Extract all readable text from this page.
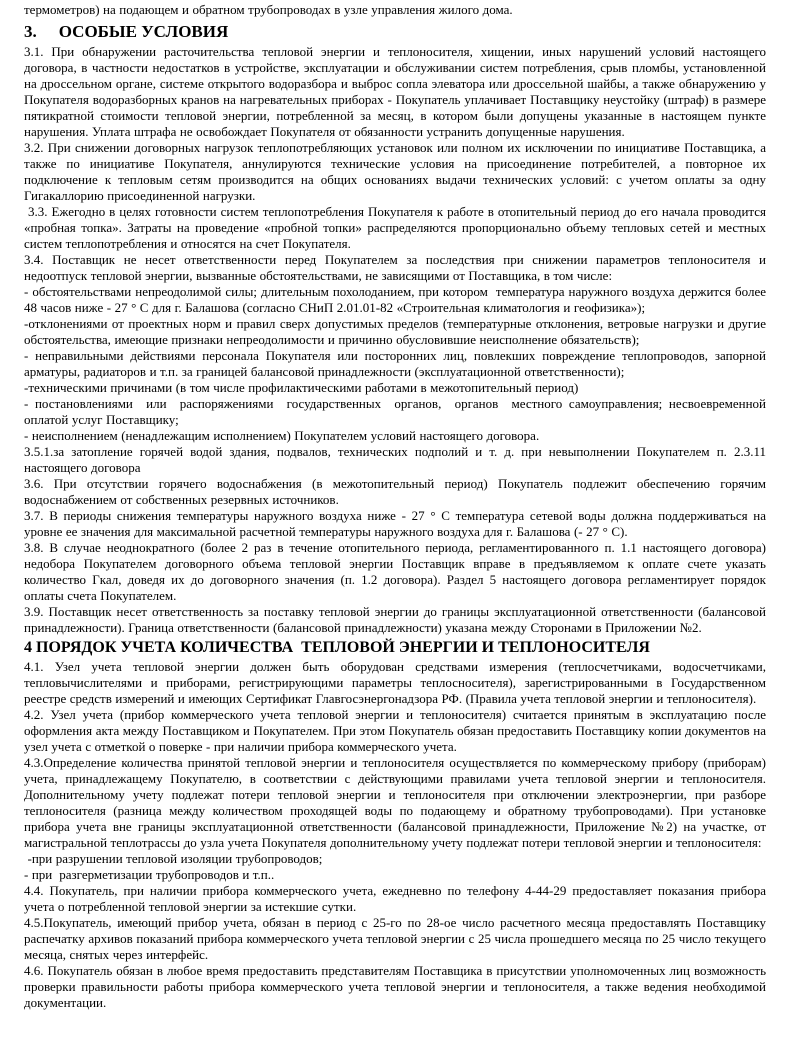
термометров) на подающем и обратном трубопроводах в узле управления жилого дома.

3. ОСОБЫЕ УСЛОВИЯ

3.1. При обнаружении расточительства тепловой энергии и теплоносителя, хищении, иных нарушений условий настоящего договора, в частности недостатков в устройстве, эксплуатации и обслуживании систем потребления, срыв пломбы, установленной на дроссельном органе, системе открытого водоразбора и выброс сопла элеватора или дроссельной шайбы, а также обнаружению у Покупателя водоразборных кранов на нагревательных приборах - Покупатель уплачивает Поставщику неустойку (штраф) в размере пятикратной стоимости тепловой энергии, потребленной за месяц, в котором были допущены указанные в настоящем пункте нарушения. Уплата штрафа не освобождает Покупателя от обязанности устранить допущенные нарушения.

3.2. При снижении договорных нагрузок теплопотребляющих установок или полном их исключении по инициативе Поставщика, а также по инициативе Покупателя, аннулируются технические условия на присоединение потребителей, а повторное их подключение к тепловым сетям производится на общих основаниях выдачи технических условий: с учетом оплаты за одну Гигакаллорию присоединенной нагрузки.

3.3. Ежегодно в целях готовности систем теплопотребления Покупателя к работе в отопительный период до его начала проводится «пробная топка». Затраты на проведение «пробной топки» распределяются пропорционально объему тепловых сетей и местных систем теплопотребления и относятся на счет Покупателя.

3.4. Поставщик не несет ответственности перед Покупателем за последствия при снижении параметров теплоносителя и недоотпуск тепловой энергии, вызванные обстоятельствами, не зависящими от Поставщика, в том числе:

- обстоятельствами непреодолимой силы; длительным похолоданием, при котором  температура наружного воздуха держится более 48 часов ниже - 27 ° С для г. Балашова (согласно СНиП 2.01.01-82 «Строительная климатология и геофизика»);

-отклонениями от проектных норм и правил сверх допустимых пределов (температурные отклонения, ветровые нагрузки и другие обстоятельства, имеющие признаки непреодолимости и причинно обусловившие неисполнение обязательств);

- неправильными действиями персонала Покупателя или посторонних лиц, повлекших повреждение теплопроводов, запорной арматуры, радиаторов и т.п. за границей балансовой принадлежности (эксплуатационной ответственности);

-техническими причинами (в том числе профилактическими работами в межотопительный период)

- постановлениями  или  распоряжениями  государственных  органов,  органов  местного самоуправления; несвоевременной оплатой услуг Поставщику;

- неисполнением (ненадлежащим исполнением) Покупателем условий настоящего договора.

3.5.1.за затопление горячей водой здания, подвалов, технических подполий и т. д. при невыполнении Покупателем п. 2.3.11 настоящего договора

3.6. При отсутствии горячего водоснабжения (в межотопительный период) Покупатель подлежит обеспечению горячим водоснабжением от собственных резервных источников.

3.7. В периоды снижения температуры наружного воздуха ниже - 27 ° С температура сетевой воды должна поддерживаться на уровне ее значения для максимальной расчетной температуры наружного воздуха для г. Балашова (- 27 ° С).

3.8. В случае неоднократного (более 2 раз в течение отопительного периода, регламентированного п. 1.1 настоящего договора) недобора Покупателем договорного объема тепловой энергии Поставщик вправе в предъявляемом к оплате счете указать количество Гкал, доведя их до договорного значения (п. 1.2 договора). Раздел 5 настоящего договора регламентирует порядок оплаты счета Покупателем.

3.9. Поставщик несет ответственность за поставку тепловой энергии до границы эксплуатационной ответственности (балансовой принадлежности). Граница ответственности (балансовой принадлежности) указана между Сторонами в Приложении №2.

4 ПОРЯДОК УЧЕТА КОЛИЧЕСТВА  ТЕПЛОВОЙ ЭНЕРГИИ И ТЕПЛОНОСИТЕЛЯ

4.1. Узел учета тепловой энергии должен быть оборудован средствами измерения (теплосчетчиками, водосчетчиками, тепловычислителями и приборами, регистрирующими параметры теплосносителя), зарегистрированными в Государственном реестре средств измерений и имеющих Сертификат Главгосэнергонадзора РФ. (Правила учета тепловой энергии и теплоносителя).

4.2. Узел учета (прибор коммерческого учета тепловой энергии и теплоносителя) считается принятым в эксплуатацию после оформления акта между Поставщиком и Покупателем. При этом Покупатель обязан предоставить Поставщику копии документов на узел учета с отметкой о поверке - при наличии прибора коммерческого учета.

4.3.Определение количества принятой тепловой энергии и теплоносителя осуществляется по коммерческому прибору (приборам) учета, принадлежащему Покупателю, в соответствии с действующими правилами учета тепловой энергии и теплоносителя. Дополнительному учету подлежат потери тепловой энергии и теплоносителя при отключении электроэнергии, при разборе теплоносителя (разница между количеством проходящей воды по подающему и обратному трубопроводами). При установке прибора учета вне границы эксплуатационной ответственности (балансовой принадлежности, Приложение №2) на участке, от  магистральной теплотрассы до узла учета Покупателя дополнительному учету подлежат потери тепловой энергии и теплоносителя:

-при разрушении тепловой изоляции трубопроводов;

- при  разгерметизации трубопроводов и т.п..

4.4. Покупатель, при наличии прибора коммерческого учета, ежедневно по телефону 4-44-29 предоставляет показания прибора учета о потребленной тепловой энергии за истекшие сутки.

4.5.Покупатель, имеющий прибор учета, обязан в период с 25-го по 28-ое число расчетного месяца предоставлять Поставщику распечатку архивов показаний прибора коммерческого учета тепловой энергии с 25 числа прошедшего месяца по 25 число текущего месяца, снятых через интерфейс.

4.6. Покупатель обязан в любое время предоставить представителям Поставщика в присутствии уполномоченных лиц возможность проверки правильности работы прибора коммерческого учета тепловой энергии и теплоносителя, а также ведения необходимой документации.
